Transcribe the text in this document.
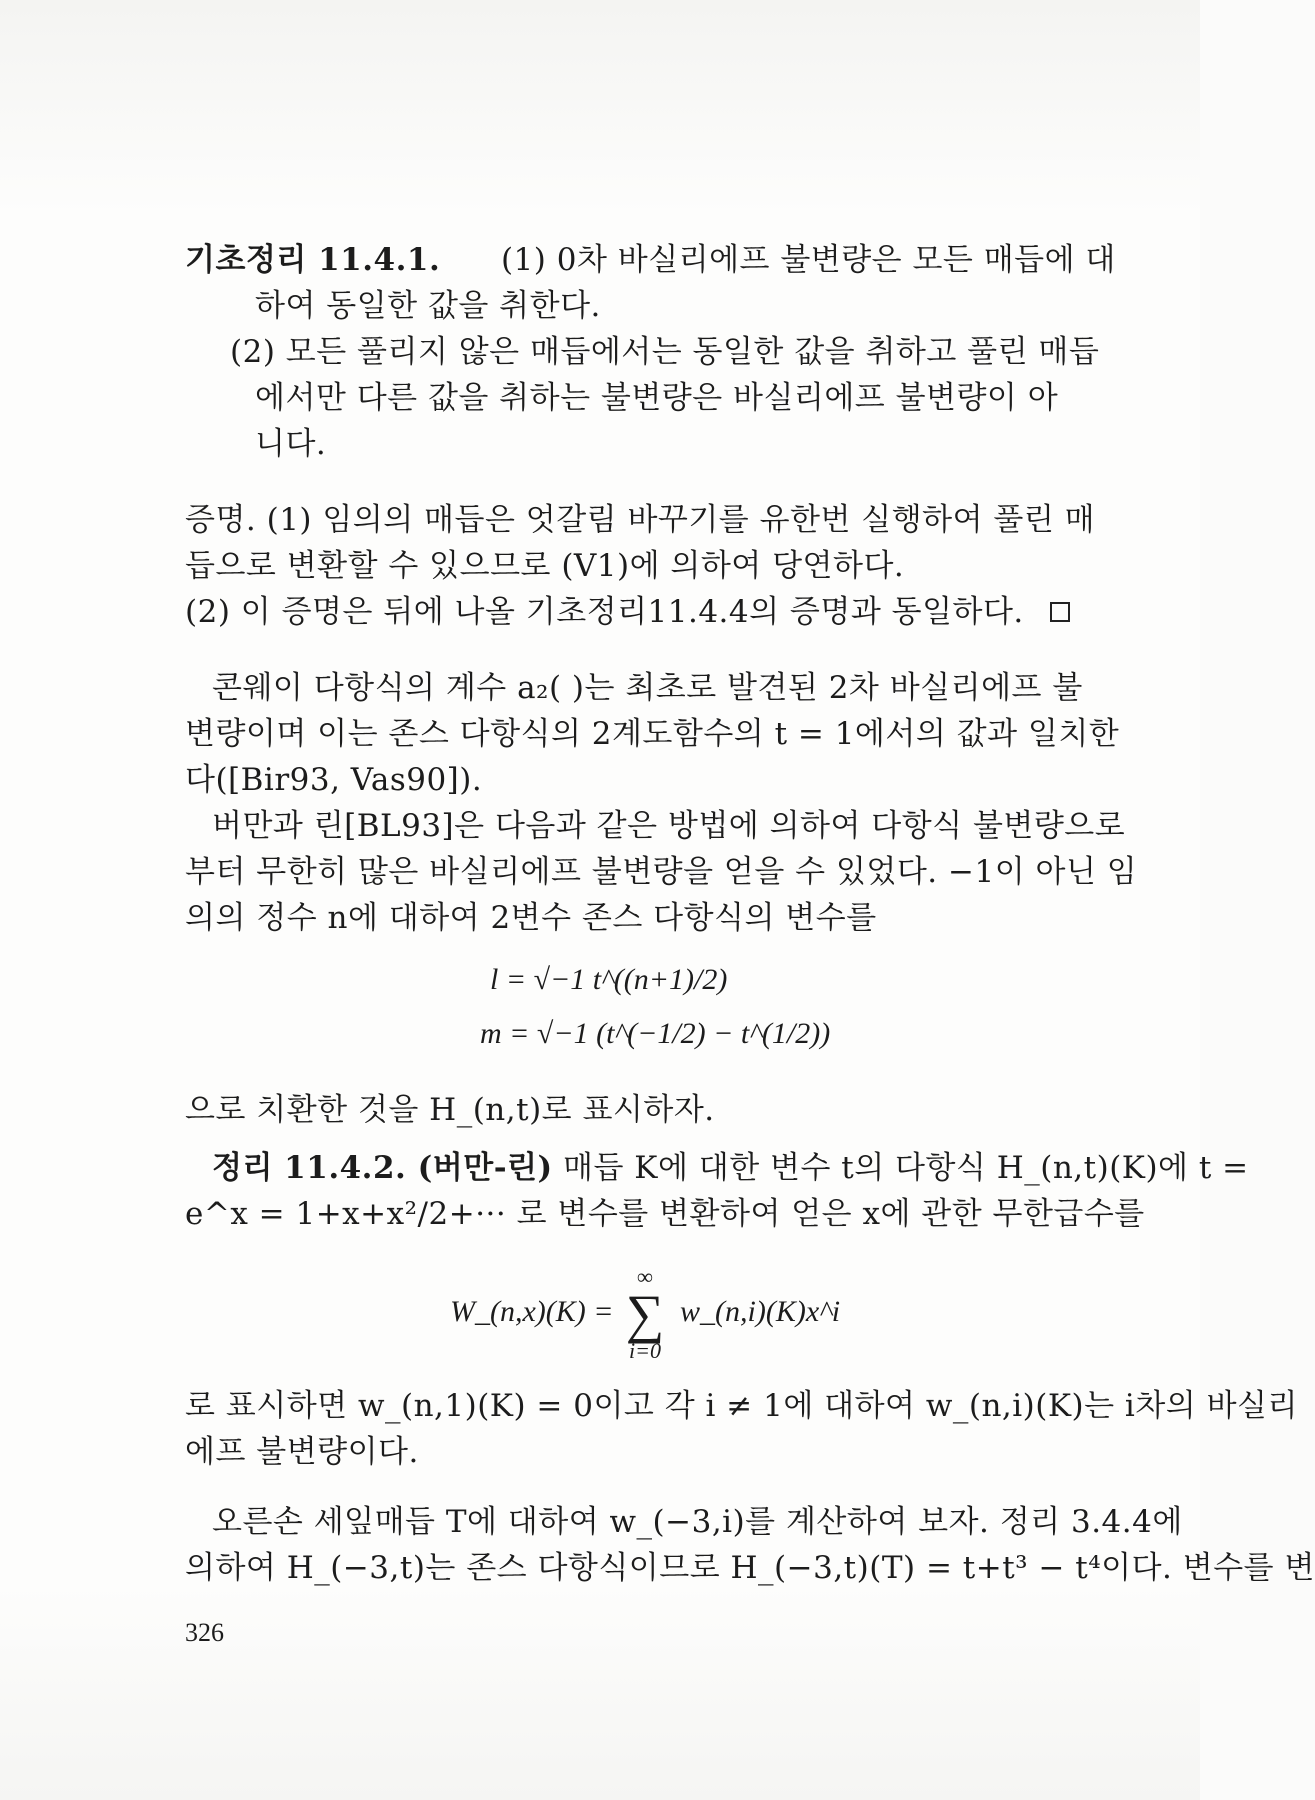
기초정리 11.4.1. (1) 0차 바실리에프 불변량은 모든 매듭에 대
하여 동일한 값을 취한다.
(2) 모든 풀리지 않은 매듭에서는 동일한 값을 취하고 풀린 매듭
에서만 다른 값을 취하는 불변량은 바실리에프 불변량이 아
니다.
증명. (1) 임의의 매듭은 엇갈림 바꾸기를 유한번 실행하여 풀린 매
듭으로 변환할 수 있으므로 (V1)에 의하여 당연하다.
(2) 이 증명은 뒤에 나올 기초정리11.4.4의 증명과 동일하다.
콘웨이 다항식의 계수 a₂( )는 최초로 발견된 2차 바실리에프 불
변량이며 이는 존스 다항식의 2계도함수의 t = 1에서의 값과 일치한
다([Bir93, Vas90]).
버만과 린[BL93]은 다음과 같은 방법에 의하여 다항식 불변량으로
부터 무한히 많은 바실리에프 불변량을 얻을 수 있었다. −1이 아닌 임
의의 정수 n에 대하여 2변수 존스 다항식의 변수를
l = √−1 t^((n+1)/2)
m = √−1 (t^(−1/2) − t^(1/2))
으로 치환한 것을 H_(n,t)로 표시하자.
정리 11.4.2. (버만-린) 매듭 K에 대한 변수 t의 다항식 H_(n,t)(K)에 t =
e^x = 1+x+x²/2+··· 로 변수를 변환하여 얻은 x에 관한 무한급수를
W_(n,x)(K) =
∞
∑
i=0
w_(n,i)(K)x^i
로 표시하면 w_(n,1)(K) = 0이고 각 i ≠ 1에 대하여 w_(n,i)(K)는 i차의 바실리
에프 불변량이다.
오른손 세잎매듭 T에 대하여 w_(−3,i)를 계산하여 보자. 정리 3.4.4에
의하여 H_(−3,t)는 존스 다항식이므로 H_(−3,t)(T) = t+t³ − t⁴이다. 변수를 변
326
